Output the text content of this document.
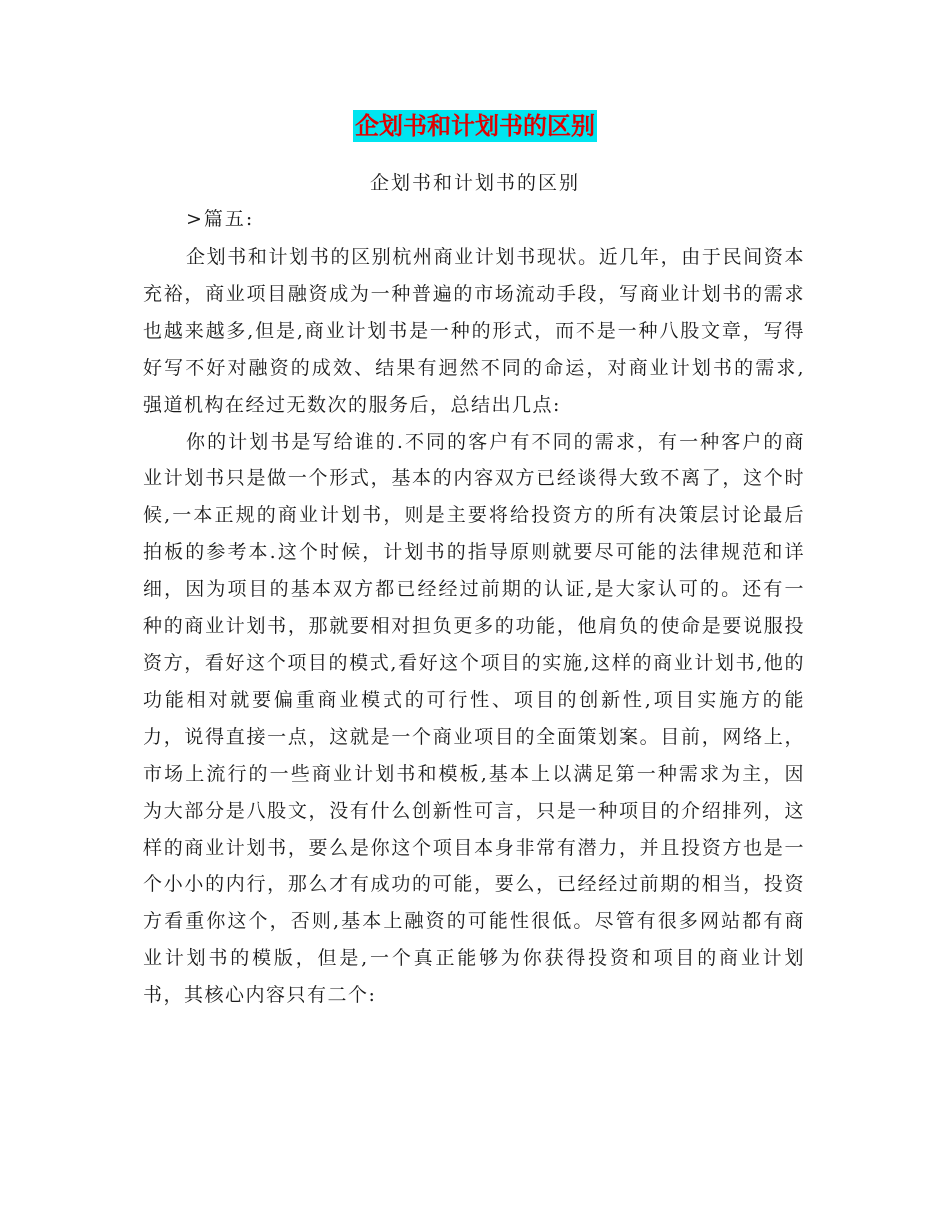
企划书和计划书的区别
企划书和计划书的区别
>篇五:

企划书和计划书的区别杭州商业计划书现状。近几年，由于民间资本充裕，商业项目融资成为一种普遍的市场流动手段，写商业计划书的需求也越来越多,但是,商业计划书是一种的形式，而不是一种八股文章，写得好写不好对融资的成效、结果有迥然不同的命运，对商业计划书的需求,强道机构在经过无数次的服务后，总结出几点:

你的计划书是写给谁的.不同的客户有不同的需求，有一种客户的商业计划书只是做一个形式，基本的内容双方已经谈得大致不离了，这个时候,一本正规的商业计划书，则是主要将给投资方的所有决策层讨论最后拍板的参考本.这个时候，计划书的指导原则就要尽可能的法律规范和详细，因为项目的基本双方都已经经过前期的认证,是大家认可的。还有一种的商业计划书，那就要相对担负更多的功能，他肩负的使命是要说服投资方，看好这个项目的模式,看好这个项目的实施,这样的商业计划书,他的功能相对就要偏重商业模式的可行性、项目的创新性,项目实施方的能力，说得直接一点，这就是一个商业项目的全面策划案。目前，网络上，市场上流行的一些商业计划书和模板,基本上以满足第一种需求为主，因为大部分是八股文，没有什么创新性可言，只是一种项目的介绍排列，这样的商业计划书，要么是你这个项目本身非常有潜力，并且投资方也是一个小小的内行，那么才有成功的可能，要么，已经经过前期的相当，投资方看重你这个，否则,基本上融资的可能性很低。尽管有很多网站都有商业计划书的模版，但是,一个真正能够为你获得投资和项目的商业计划书，其核心内容只有二个:
